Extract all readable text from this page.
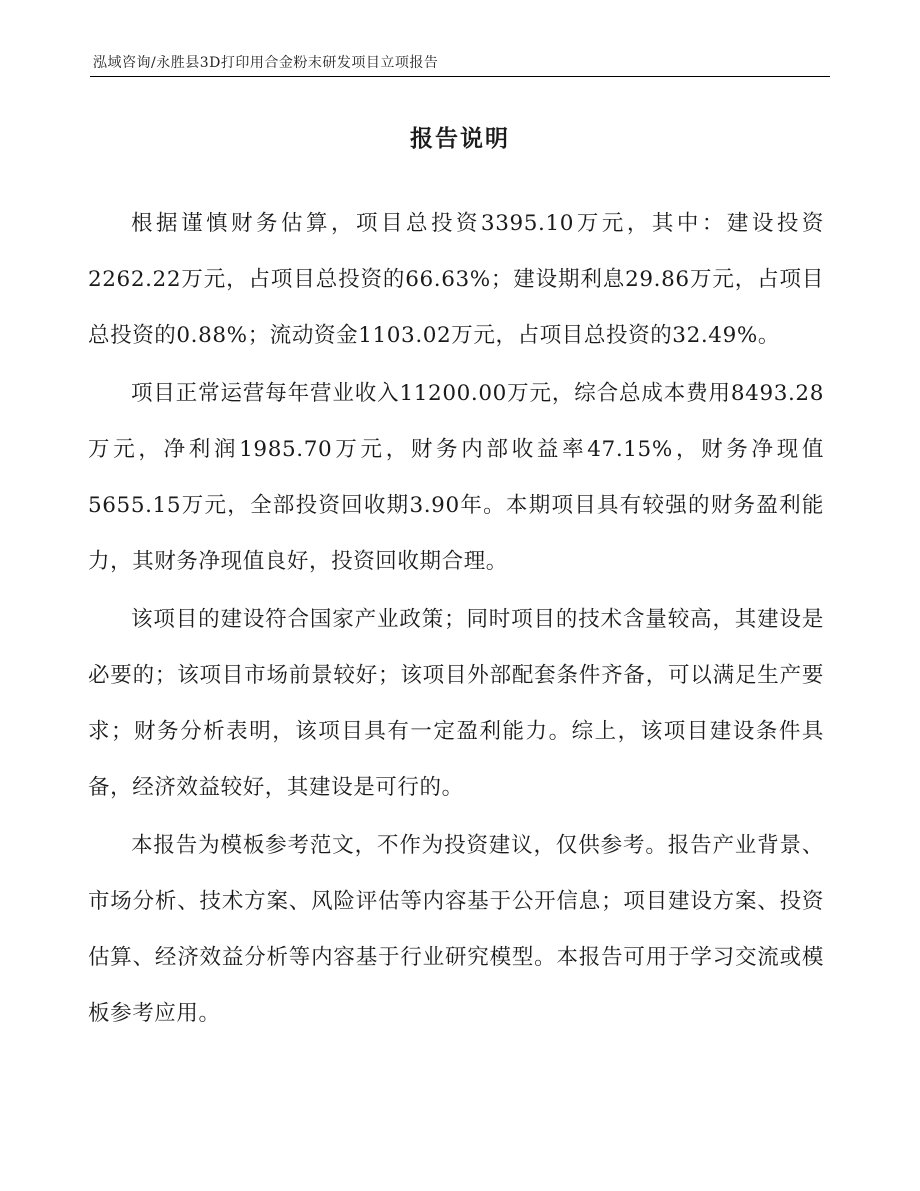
泓域咨询/永胜县3D打印用合金粉末研发项目立项报告
报告说明

根据谨慎财务估算，项目总投资3395.10万元，其中：建设投资2262.22万元，占项目总投资的66.63%；建设期利息29.86万元，占项目总投资的0.88%；流动资金1103.02万元，占项目总投资的32.49%。

项目正常运营每年营业收入11200.00万元，综合总成本费用8493.28万元，净利润1985.70万元，财务内部收益率47.15%，财务净现值5655.15万元，全部投资回收期3.90年。本期项目具有较强的财务盈利能力，其财务净现值良好，投资回收期合理。

该项目的建设符合国家产业政策；同时项目的技术含量较高，其建设是必要的；该项目市场前景较好；该项目外部配套条件齐备，可以满足生产要求；财务分析表明，该项目具有一定盈利能力。综上，该项目建设条件具备，经济效益较好，其建设是可行的。

本报告为模板参考范文，不作为投资建议，仅供参考。报告产业背景、市场分析、技术方案、风险评估等内容基于公开信息；项目建设方案、投资估算、经济效益分析等内容基于行业研究模型。本报告可用于学习交流或模板参考应用。
